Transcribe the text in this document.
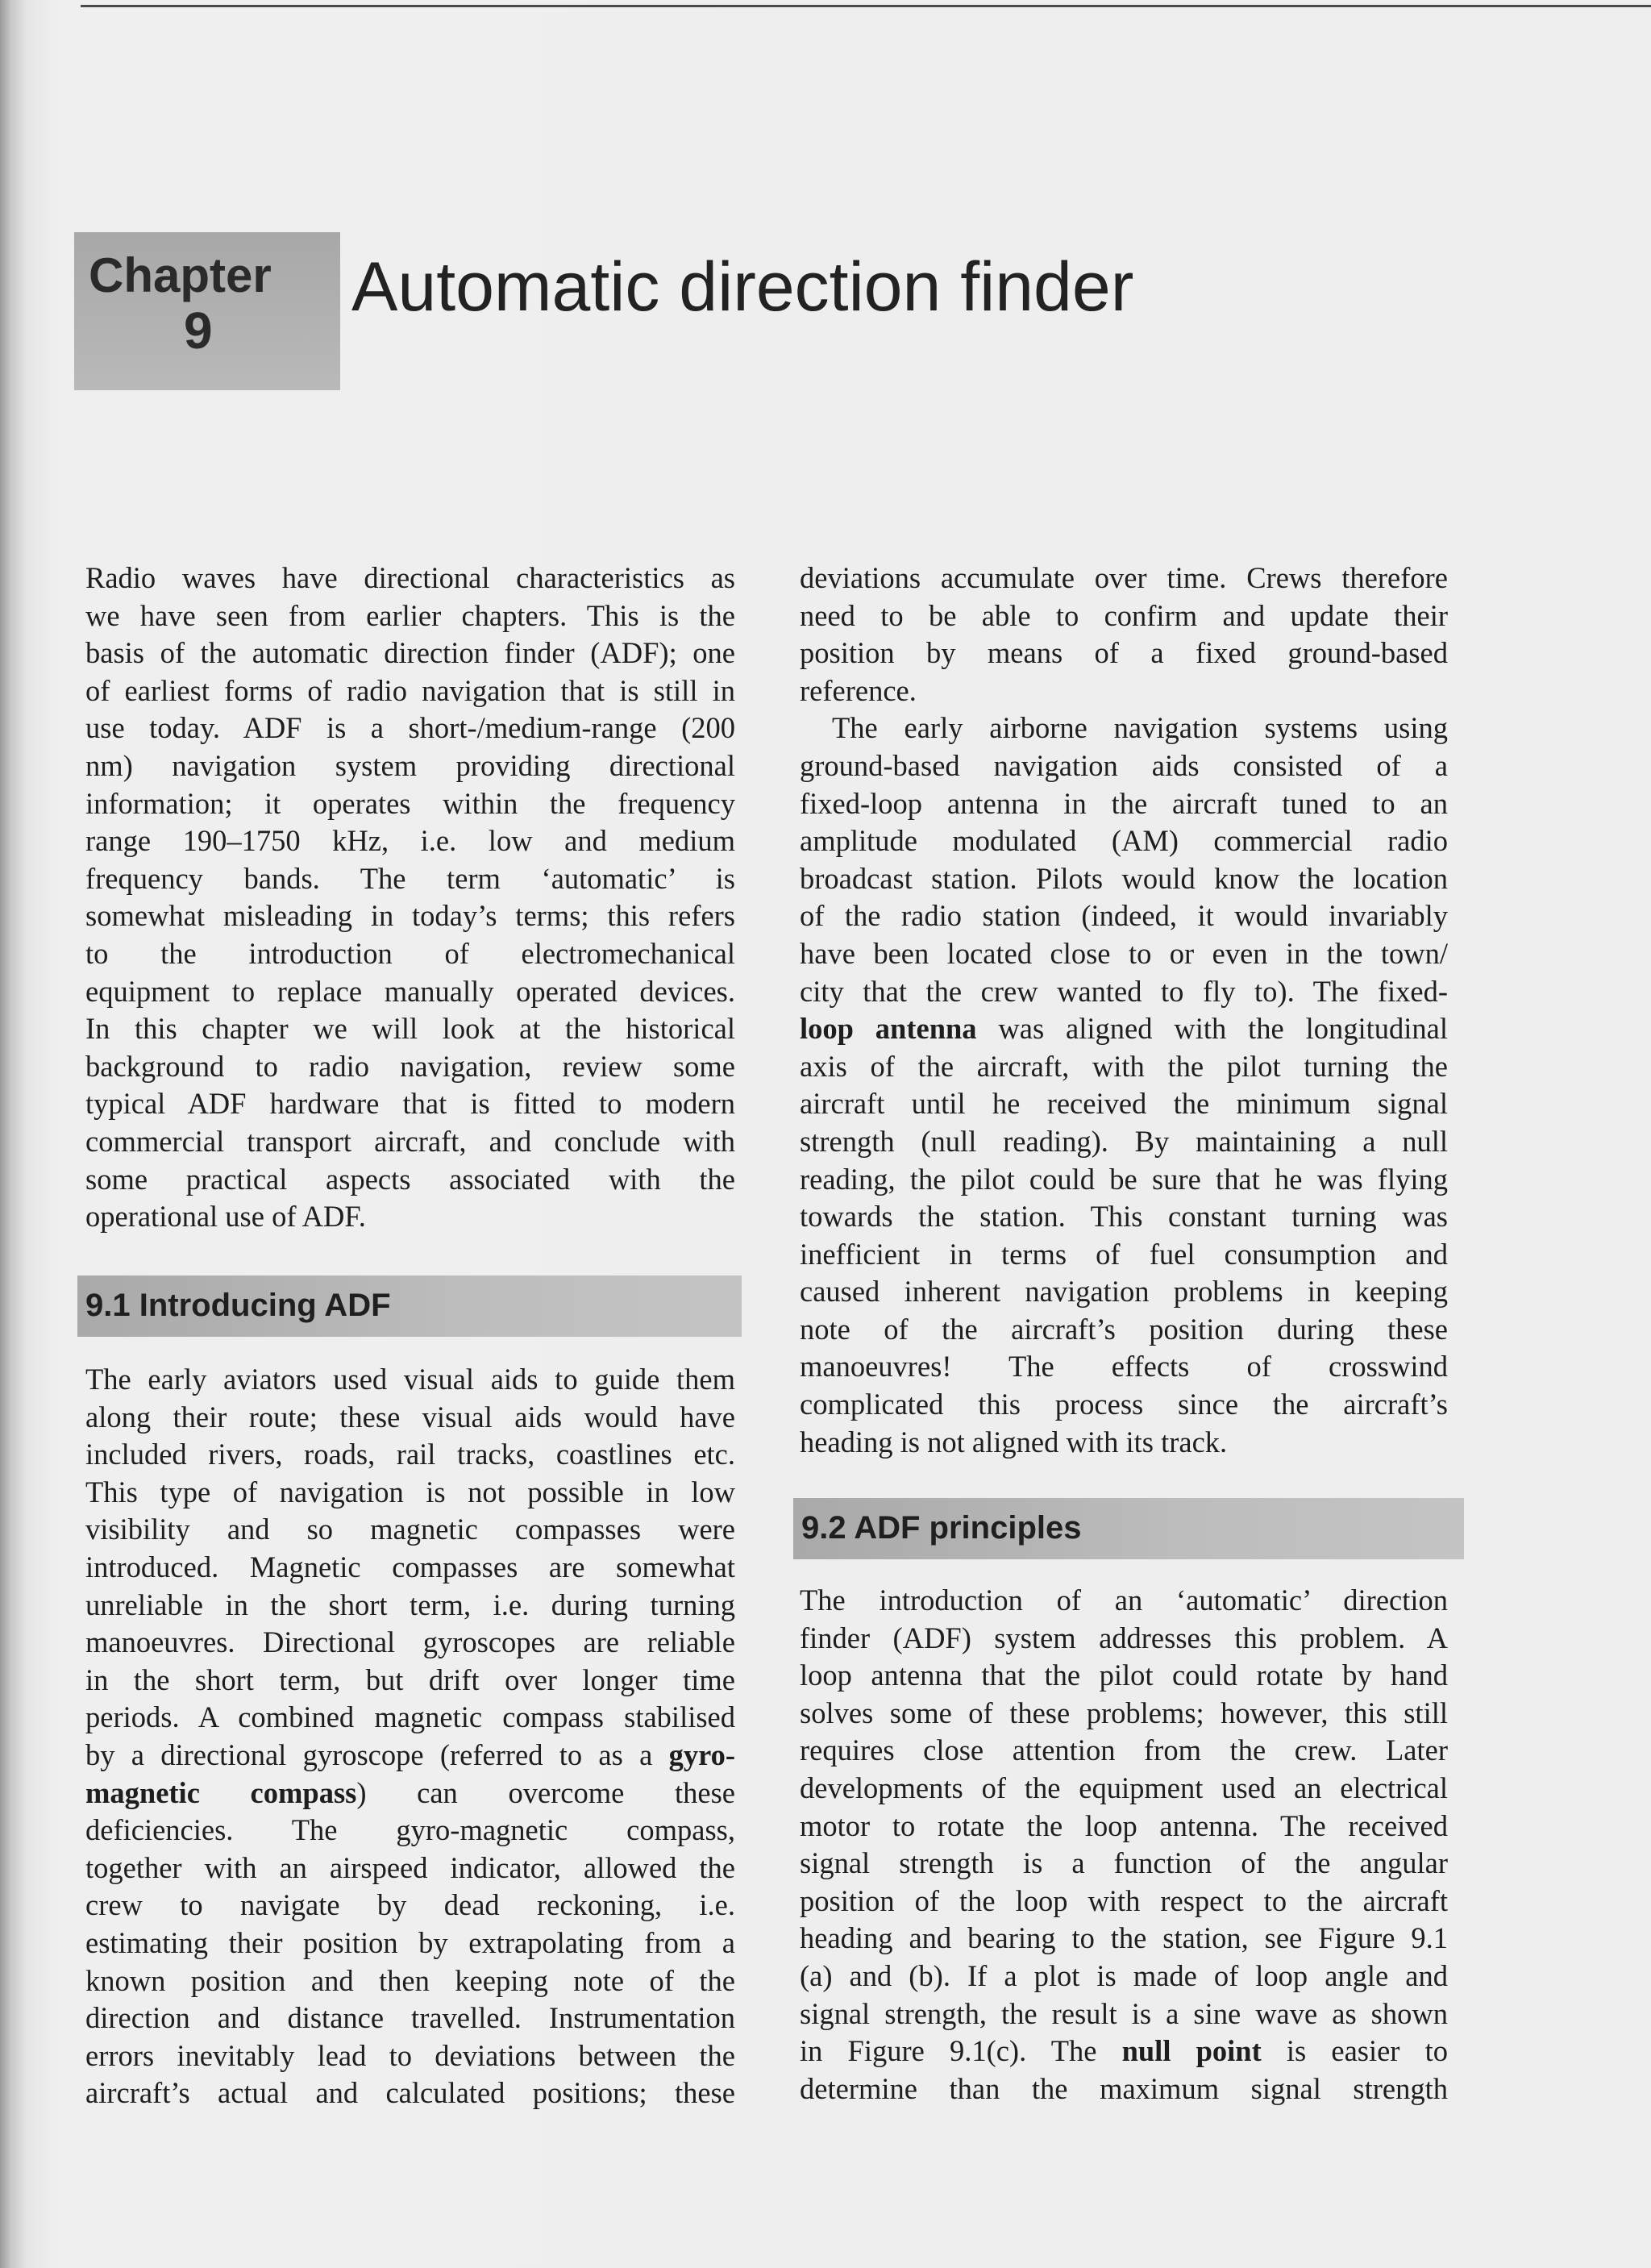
Chapter
9
Automatic direction finder
Radio waves have directional characteristics as
we have seen from earlier chapters. This is the
basis of the automatic direction finder (ADF); one
of earliest forms of radio navigation that is still in
use today. ADF is a short-/medium-range (200
nm) navigation system providing directional
information; it operates within the frequency
range 190–1750 kHz, i.e. low and medium
frequency bands. The term ‘automatic’ is
somewhat misleading in today’s terms; this refers
to the introduction of electromechanical
equipment to replace manually operated devices.
In this chapter we will look at the historical
background to radio navigation, review some
typical ADF hardware that is fitted to modern
commercial transport aircraft, and conclude with
some practical aspects associated with the
operational use of ADF.
9.1 Introducing ADF
The early aviators used visual aids to guide them
along their route; these visual aids would have
included rivers, roads, rail tracks, coastlines etc.
This type of navigation is not possible in low
visibility and so magnetic compasses were
introduced. Magnetic compasses are somewhat
unreliable in the short term, i.e. during turning
manoeuvres. Directional gyroscopes are reliable
in the short term, but drift over longer time
periods. A combined magnetic compass stabilised
by a directional gyroscope (referred to as a gyro-
magnetic compass) can overcome these
deficiencies. The gyro-magnetic compass,
together with an airspeed indicator, allowed the
crew to navigate by dead reckoning, i.e.
estimating their position by extrapolating from a
known position and then keeping note of the
direction and distance travelled. Instrumentation
errors inevitably lead to deviations between the
aircraft’s actual and calculated positions; these
deviations accumulate over time. Crews therefore
need to be able to confirm and update their
position by means of a fixed ground-based
reference.
The early airborne navigation systems using
ground-based navigation aids consisted of a
fixed-loop antenna in the aircraft tuned to an
amplitude modulated (AM) commercial radio
broadcast station. Pilots would know the location
of the radio station (indeed, it would invariably
have been located close to or even in the town/
city that the crew wanted to fly to). The fixed-
loop antenna was aligned with the longitudinal
axis of the aircraft, with the pilot turning the
aircraft until he received the minimum signal
strength (null reading). By maintaining a null
reading, the pilot could be sure that he was flying
towards the station. This constant turning was
inefficient in terms of fuel consumption and
caused inherent navigation problems in keeping
note of the aircraft’s position during these
manoeuvres! The effects of crosswind
complicated this process since the aircraft’s
heading is not aligned with its track.
9.2 ADF principles
The introduction of an ‘automatic’ direction
finder (ADF) system addresses this problem. A
loop antenna that the pilot could rotate by hand
solves some of these problems; however, this still
requires close attention from the crew. Later
developments of the equipment used an electrical
motor to rotate the loop antenna. The received
signal strength is a function of the angular
position of the loop with respect to the aircraft
heading and bearing to the station, see Figure 9.1
(a) and (b). If a plot is made of loop angle and
signal strength, the result is a sine wave as shown
in Figure 9.1(c). The null point is easier to
determine than the maximum signal strength
